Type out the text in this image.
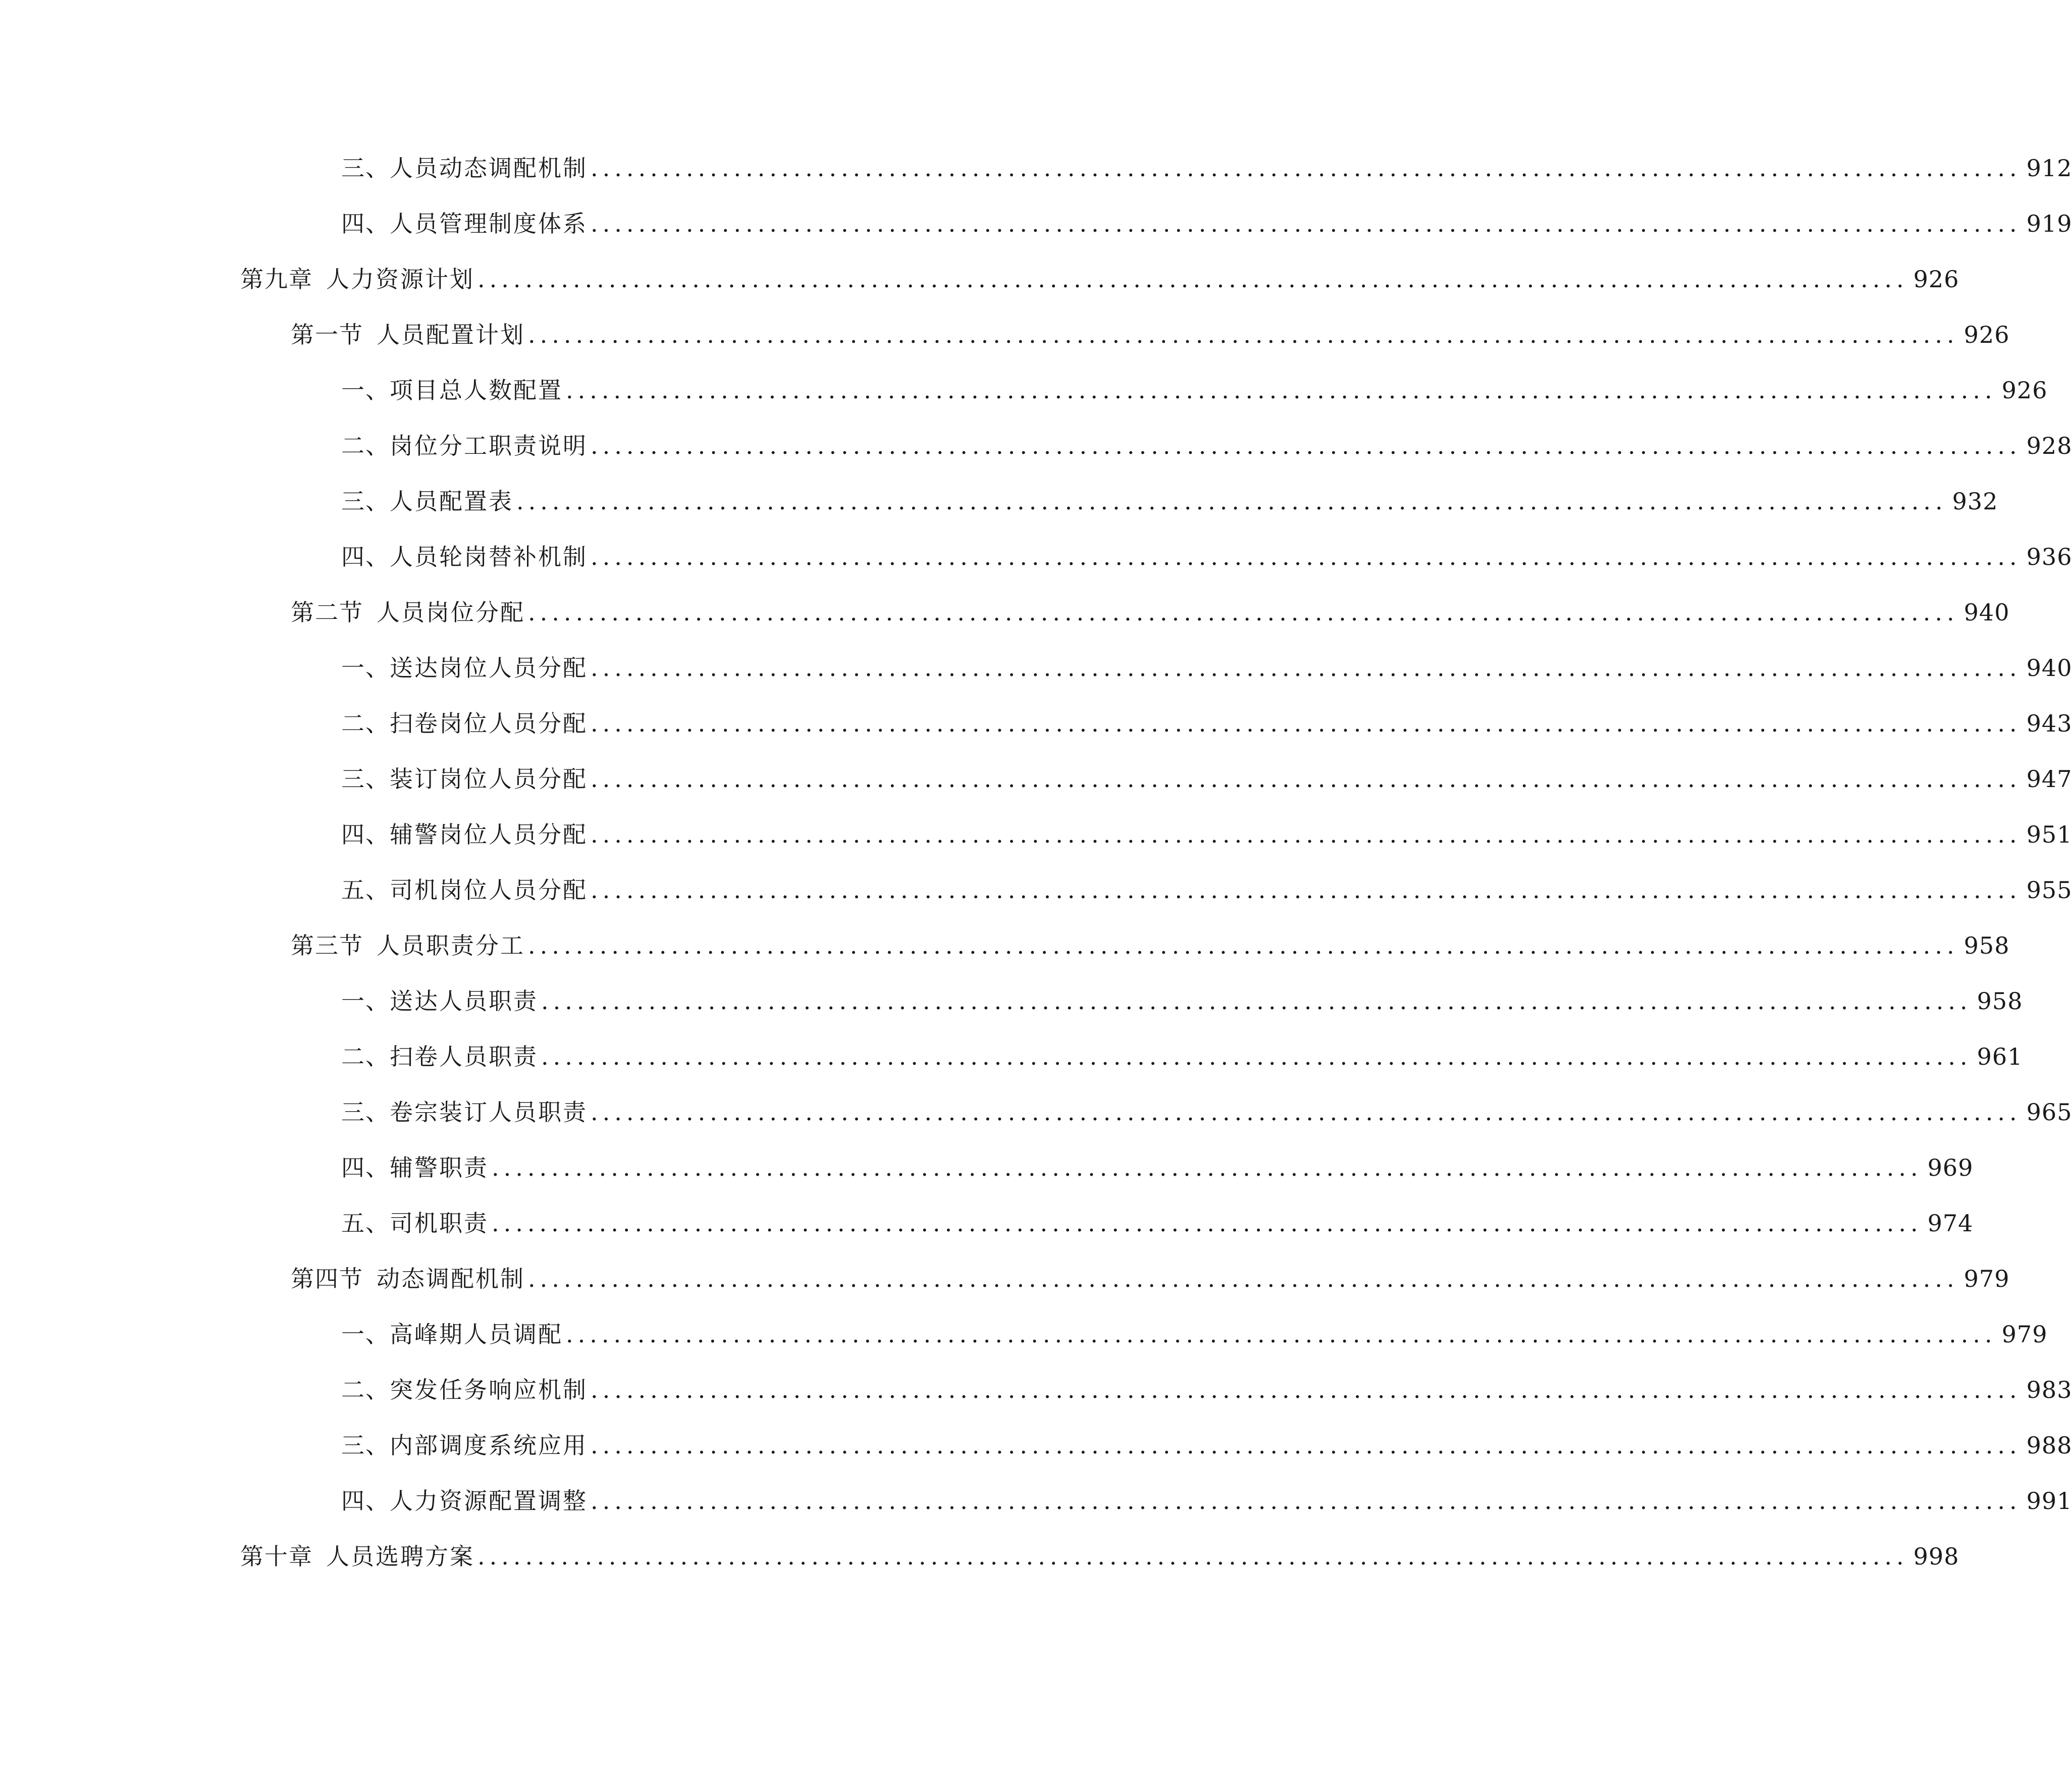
三、 人员动态调配机制 ........................................................................................................................ 912
四、 人员管理制度体系 ........................................................................................................................ 919
第九章 人力资源计划 ........................................................................................................................ 926
第一节 人员配置计划 ........................................................................................................................ 926
一、 项目总人数配置 ........................................................................................................................ 926
二、 岗位分工职责说明 ........................................................................................................................ 928
三、 人员配置表 ........................................................................................................................ 932
四、 人员轮岗替补机制 ........................................................................................................................ 936
第二节 人员岗位分配 ........................................................................................................................ 940
一、 送达岗位人员分配 ........................................................................................................................ 940
二、 扫卷岗位人员分配 ........................................................................................................................ 943
三、 装订岗位人员分配 ........................................................................................................................ 947
四、 辅警岗位人员分配 ........................................................................................................................ 951
五、 司机岗位人员分配 ........................................................................................................................ 955
第三节 人员职责分工 ........................................................................................................................ 958
一、 送达人员职责 ........................................................................................................................ 958
二、 扫卷人员职责 ........................................................................................................................ 961
三、 卷宗装订人员职责 ........................................................................................................................ 965
四、 辅警职责 ........................................................................................................................ 969
五、 司机职责 ........................................................................................................................ 974
第四节 动态调配机制 ........................................................................................................................ 979
一、 高峰期人员调配 ........................................................................................................................ 979
二、 突发任务响应机制 ........................................................................................................................ 983
三、 内部调度系统应用 ........................................................................................................................ 988
四、 人力资源配置调整 ........................................................................................................................ 991
第十章 人员选聘方案 ........................................................................................................................ 998
